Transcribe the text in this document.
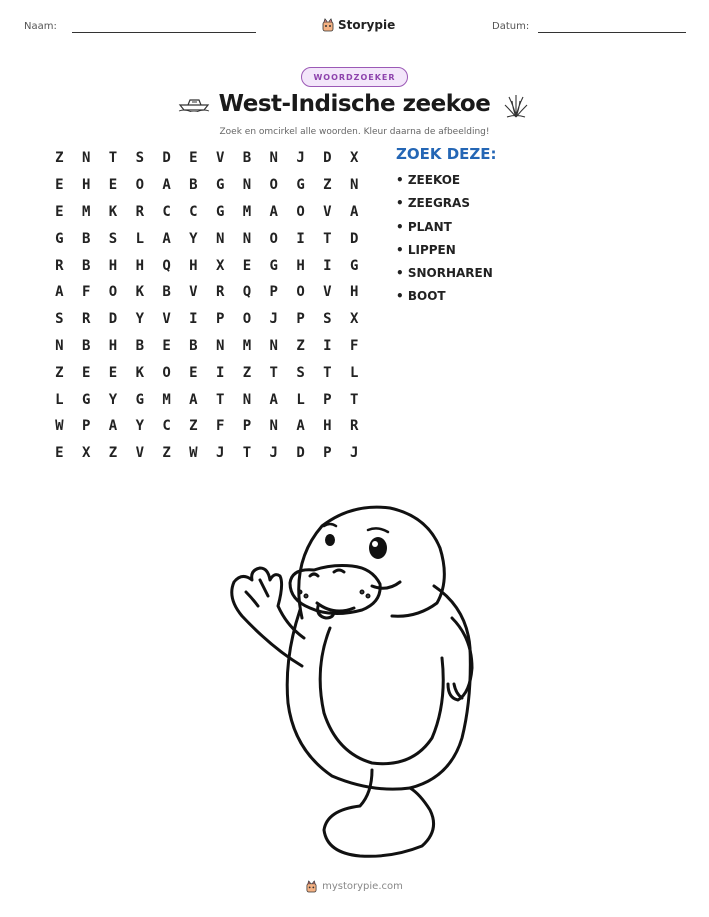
Naam:	Storypie	Datum:
WOORDZOEKER
West-Indische zeekoe
Zoek en omcirkel alle woorden. Kleur daarna de afbeelding!
Z	N	T	S	D	E	V	B	N	J	D	X
E	H	E	O	A	B	G	N	O	G	Z	N
E	M	K	R	C	C	G	M	A	O	V	A
G	B	S	L	A	Y	N	N	O	I	T	D
R	B	H	H	Q	H	X	E	G	H	I	G
A	F	O	K	B	V	R	Q	P	O	V	H
S	R	D	Y	V	I	P	O	J	P	S	X
N	B	H	B	E	B	N	M	N	Z	I	F
Z	E	E	K	O	E	I	Z	T	S	T	L
L	G	Y	G	M	A	T	N	A	L	P	T
W	P	A	Y	C	Z	F	P	N	A	H	R
E	X	Z	V	Z	W	J	T	J	D	P	J
ZOEK DEZE:
• ZEEKOE
• ZEEGRAS
• PLANT
• LIPPEN
• SNORHAREN
• BOOT
mystorypie.com
